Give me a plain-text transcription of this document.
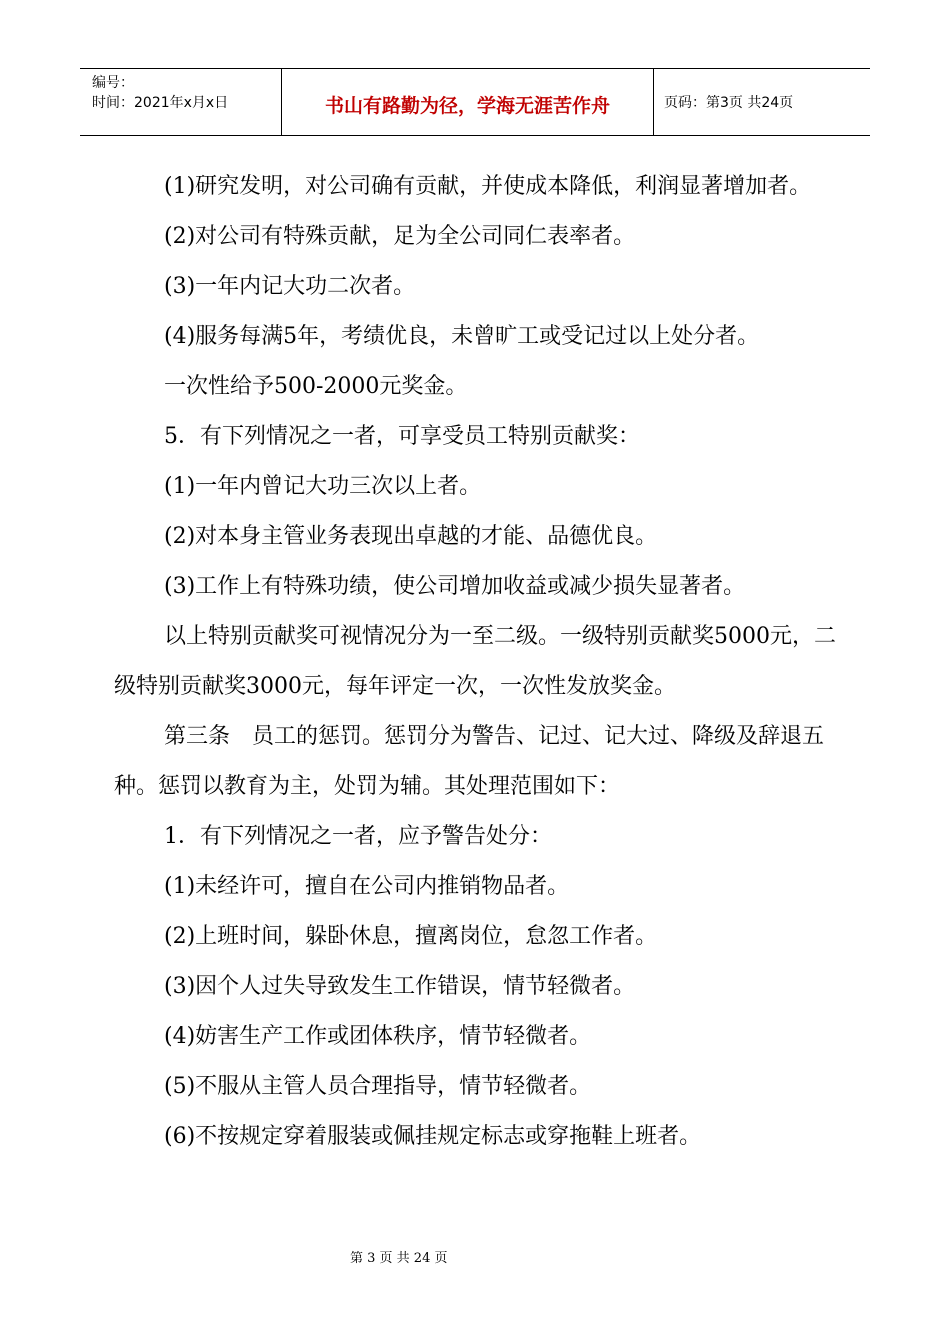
编号：
时间：2021年x月x日	书山有路勤为径，学海无涯苦作舟	页码：第3页 共24页

(1)研究发明，对公司确有贡献，并使成本降低，利润显著增加者。

(2)对公司有特殊贡献，足为全公司同仁表率者。

(3)一年内记大功二次者。

(4)服务每满5年，考绩优良，未曾旷工或受记过以上处分者。

一次性给予500-2000元奖金。

5．有下列情况之一者，可享受员工特别贡献奖：

(1)一年内曾记大功三次以上者。

(2)对本身主管业务表现出卓越的才能、品德优良。

(3)工作上有特殊功绩，使公司增加收益或减少损失显著者。

以上特别贡献奖可视情况分为一至二级。一级特别贡献奖5000元，二级特别贡献奖3000元，每年评定一次，一次性发放奖金。

第三条　员工的惩罚。惩罚分为警告、记过、记大过、降级及辞退五种。惩罚以教育为主，处罚为辅。其处理范围如下：

1．有下列情况之一者，应予警告处分：

(1)未经许可，擅自在公司内推销物品者。

(2)上班时间，躲卧休息，擅离岗位，怠忽工作者。

(3)因个人过失导致发生工作错误，情节轻微者。

(4)妨害生产工作或团体秩序，情节轻微者。

(5)不服从主管人员合理指导，情节轻微者。

(6)不按规定穿着服装或佩挂规定标志或穿拖鞋上班者。

第 3 页 共 24 页
